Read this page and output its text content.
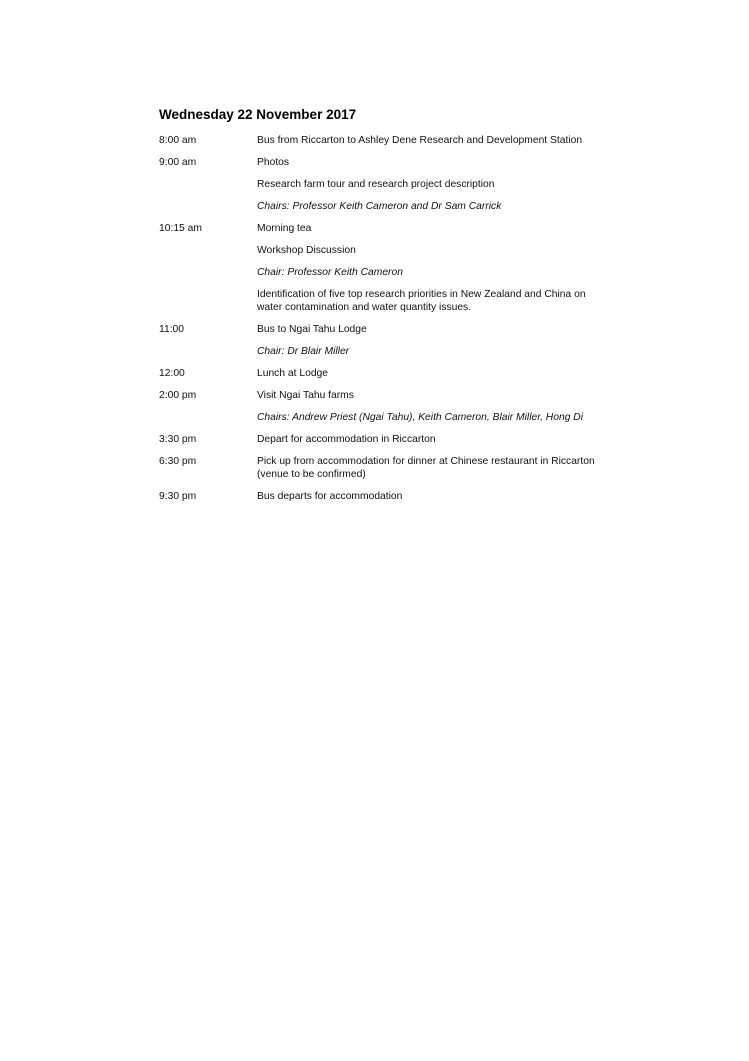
Wednesday 22 November 2017
8:00 am	Bus from Riccarton to Ashley Dene Research and Development Station
9:00 am	Photos
Research farm tour and research project description
Chairs: Professor Keith Cameron and Dr Sam Carrick
10:15 am	Morning tea
Workshop Discussion
Chair: Professor Keith Cameron
Identification of five top research priorities in New Zealand and China on water contamination and water quantity issues.
11:00	Bus to Ngai Tahu Lodge
Chair: Dr Blair Miller
12:00	Lunch at Lodge
2:00 pm	Visit Ngai Tahu farms
Chairs: Andrew Priest (Ngai Tahu), Keith Cameron, Blair Miller, Hong Di
3:30 pm	Depart for accommodation in Riccarton
6:30 pm	Pick up from accommodation for dinner at Chinese restaurant in Riccarton (venue to be confirmed)
9:30 pm	Bus departs for accommodation
